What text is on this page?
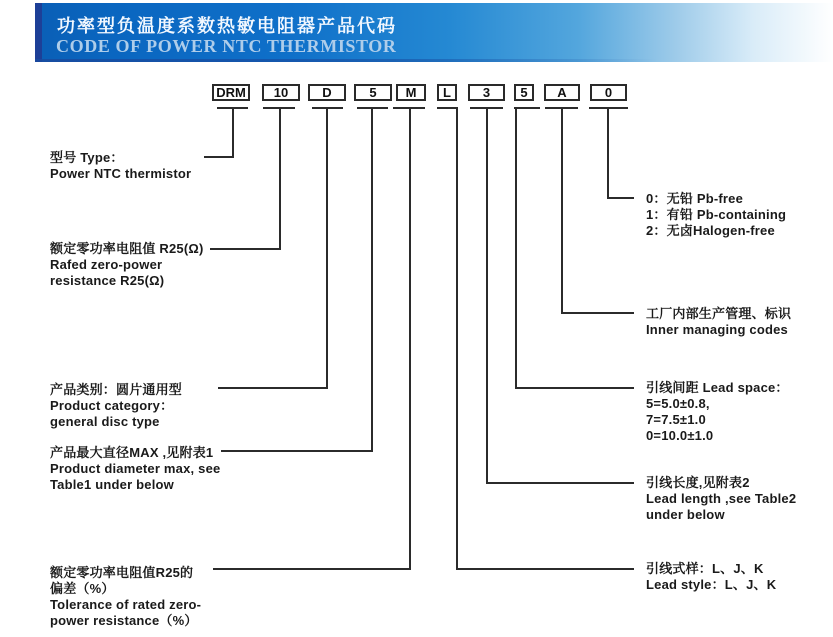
功率型负温度系数热敏电阻器产品代码
CODE OF POWER NTC THERMISTOR
DRM	10	D	5	M	L	3	5	A	0
型号 Type：
Power NTC thermistor
额定零功率电阻值 R25(Ω)
Rafed zero-power
resistance R25(Ω)
产品类别：圆片通用型
Product category：
general disc type
产品最大直径MAX ,见附表1
Product diameter max, see
Table1 under below
额定零功率电阻值R25的
偏差（%）
Tolerance of rated zero-
power resistance（%）
0：无铅 Pb-free
1：有铅 Pb-containing
2：无卤Halogen-free
工厂内部生产管理、标识
Inner managing codes
引线间距 Lead space：
5=5.0±0.8,
7=7.5±1.0
0=10.0±1.0
引线长度,见附表2
Lead length ,see Table2
under below
引线式样：L、J、K
Lead style：L、J、K
